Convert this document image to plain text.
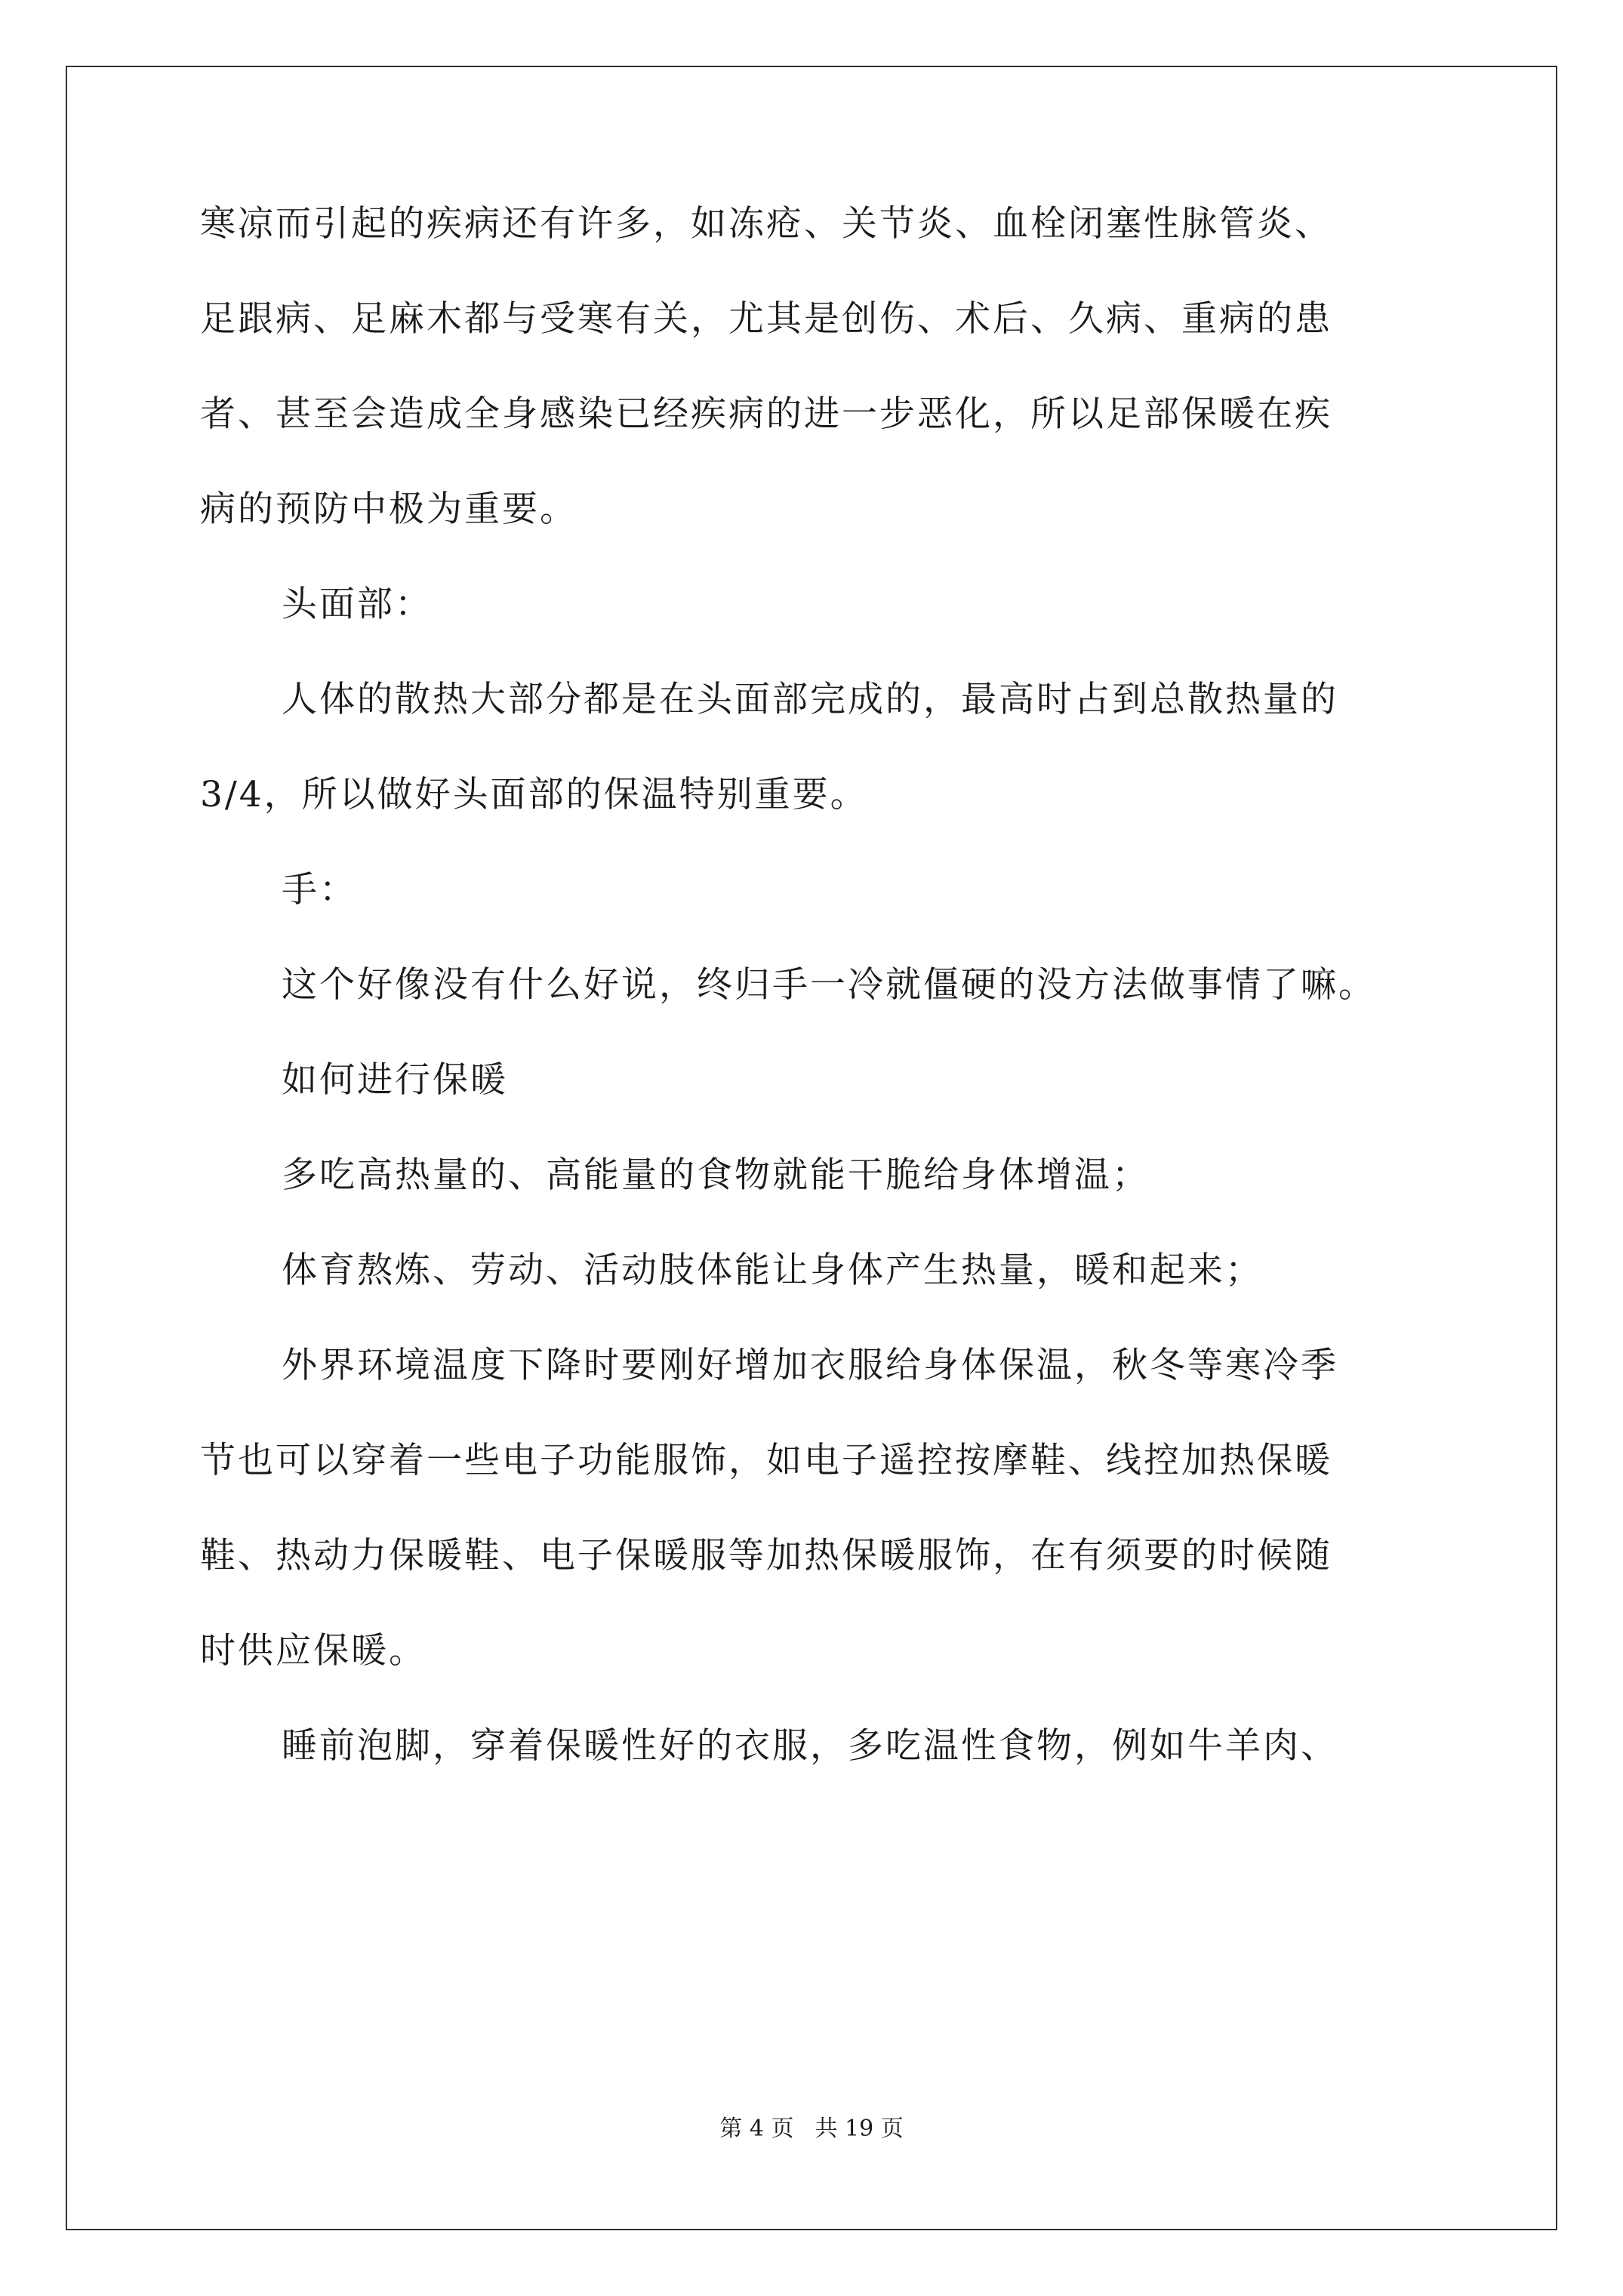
寒凉而引起的疾病还有许多，如冻疮、关节炎、血栓闭塞性脉管炎、
足跟病、足麻木都与受寒有关，尤其是创伤、术后、久病、重病的患
者、甚至会造成全身感染已经疾病的进一步恶化，所以足部保暖在疾
病的预防中极为重要。
头面部：
人体的散热大部分都是在头面部完成的，最高时占到总散热量的
3/4，所以做好头面部的保温特别重要。
手：
这个好像没有什么好说，终归手一冷就僵硬的没方法做事情了嘛。
如何进行保暖
多吃高热量的、高能量的食物就能干脆给身体增温；
体育熬炼、劳动、活动肢体能让身体产生热量，暖和起来；
外界环境温度下降时要刚好增加衣服给身体保温，秋冬等寒冷季
节也可以穿着一些电子功能服饰，如电子遥控按摩鞋、线控加热保暖
鞋、热动力保暖鞋、电子保暖服等加热保暖服饰，在有须要的时候随
时供应保暖。
睡前泡脚，穿着保暖性好的衣服，多吃温性食物，例如牛羊肉、
第 4 页 共 19 页
